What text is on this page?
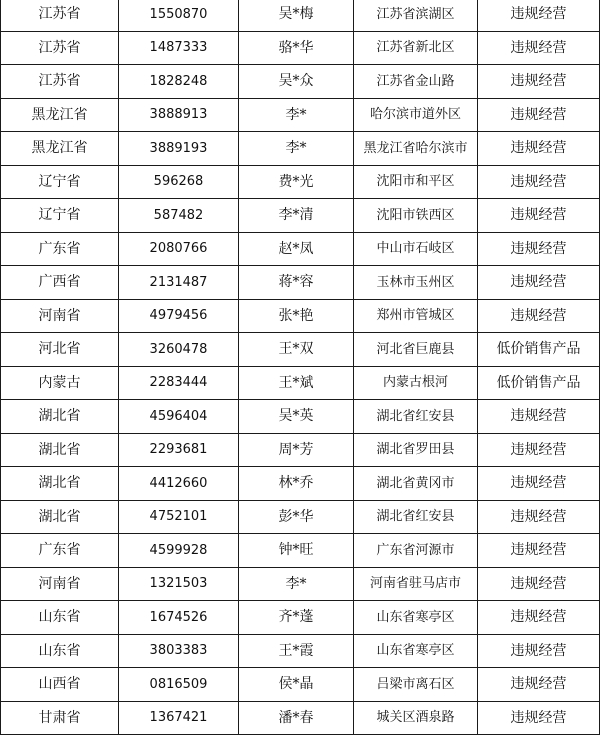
江苏省	1550870	吴*梅	江苏省滨湖区	违规经营
江苏省	1487333	骆*华	江苏省新北区	违规经营
江苏省	1828248	吴*众	江苏省金山路	违规经营
黑龙江省	3888913	李*	哈尔滨市道外区	违规经营
黑龙江省	3889193	李*	黑龙江省哈尔滨市	违规经营
辽宁省	596268	费*光	沈阳市和平区	违规经营
辽宁省	587482	李*清	沈阳市铁西区	违规经营
广东省	2080766	赵*凤	中山市石岐区	违规经营
广西省	2131487	蒋*容	玉林市玉州区	违规经营
河南省	4979456	张*艳	郑州市管城区	违规经营
河北省	3260478	王*双	河北省巨鹿县	低价销售产品
内蒙古	2283444	王*斌	内蒙古根河	低价销售产品
湖北省	4596404	吴*英	湖北省红安县	违规经营
湖北省	2293681	周*芳	湖北省罗田县	违规经营
湖北省	4412660	林*乔	湖北省黄冈市	违规经营
湖北省	4752101	彭*华	湖北省红安县	违规经营
广东省	4599928	钟*旺	广东省河源市	违规经营
河南省	1321503	李*	河南省驻马店市	违规经营
山东省	1674526	齐*蓬	山东省寒亭区	违规经营
山东省	3803383	王*霞	山东省寒亭区	违规经营
山西省	0816509	侯*晶	吕梁市离石区	违规经营
甘肃省	1367421	潘*春	城关区酒泉路	违规经营
